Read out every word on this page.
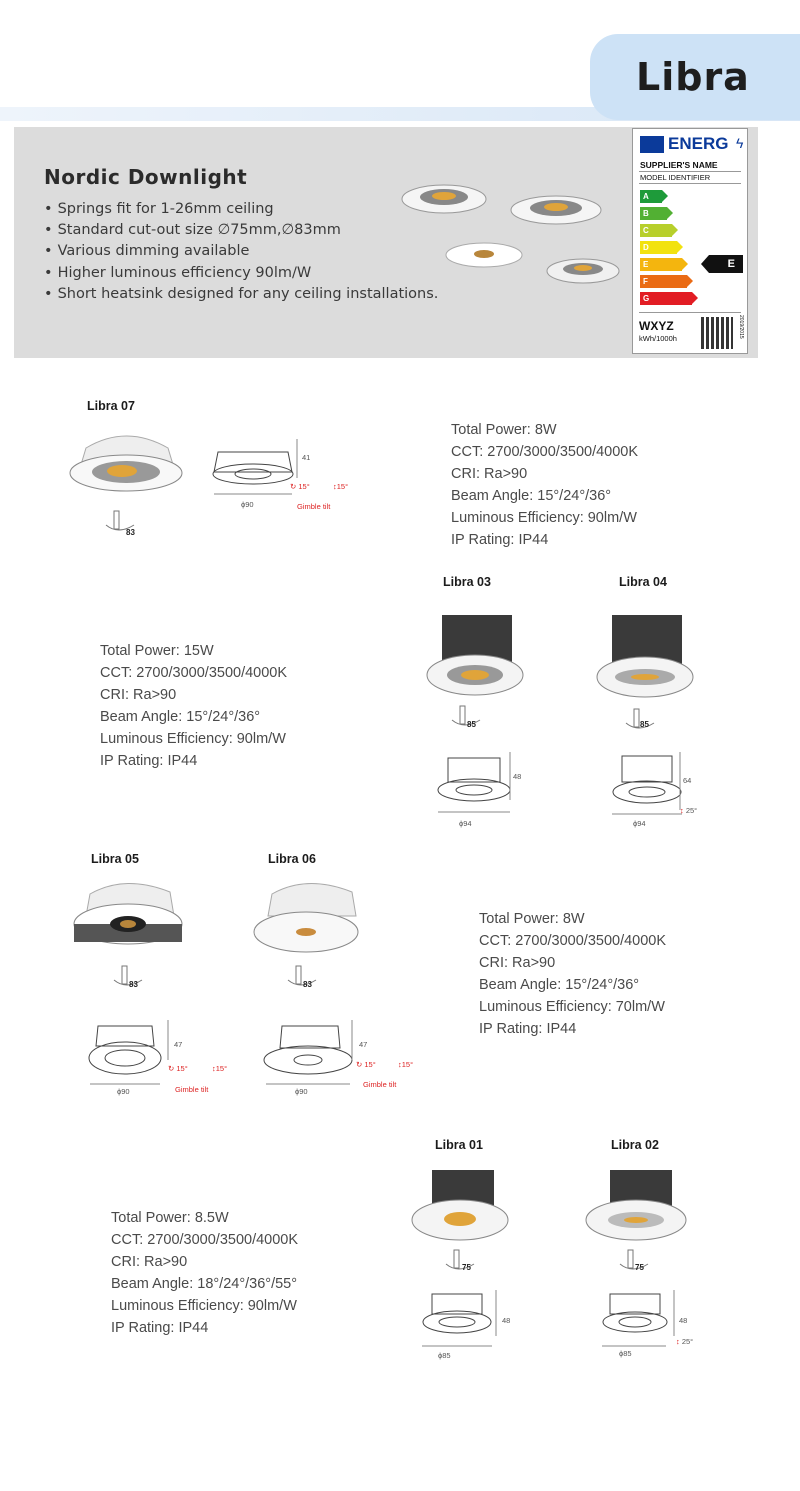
Libra
Nordic Downlight
• Springs fit for 1-26mm ceiling
• Standard cut-out size ∅75mm,∅83mm
• Various dimming available
• Higher luminous efficiency 90lm/W
• Short heatsink designed for any ceiling installations.
ENERG ϟ
SUPPLIER'S NAME
MODEL IDENTIFIER
A
B
C
D
E
F
G
E
WXYZ
kWh/1000h	2019/2015
Libra 07
83
41
ϕ90
↻ 15°	↕15°
Gimble tilt
Total Power: 8W
CCT: 2700/3000/3500/4000K
CRI: Ra>90
Beam Angle: 15°/24°/36°
Luminous Efficiency: 90lm/W
IP Rating: IP44
Total Power: 15W
CCT: 2700/3000/3500/4000K
CRI: Ra>90
Beam Angle: 15°/24°/36°
Luminous Efficiency: 90lm/W
IP Rating: IP44
Libra 03	Libra 04
85	85
48
ϕ94
64
ϕ94
↕ 25°
Libra 05	Libra 06
83	83
47
ϕ90
↻ 15°	↕15°
Gimble tilt
47
ϕ90
↻ 15°	↕15°
Gimble tilt
Total Power: 8W
CCT: 2700/3000/3500/4000K
CRI: Ra>90
Beam Angle: 15°/24°/36°
Luminous Efficiency: 70lm/W
IP Rating: IP44
Libra 01	Libra 02
75	75
48
ϕ85
48
ϕ85
↕ 25°
Total Power: 8.5W
CCT: 2700/3000/3500/4000K
CRI: Ra>90
Beam Angle: 18°/24°/36°/55°
Luminous Efficiency: 90lm/W
IP Rating: IP44
